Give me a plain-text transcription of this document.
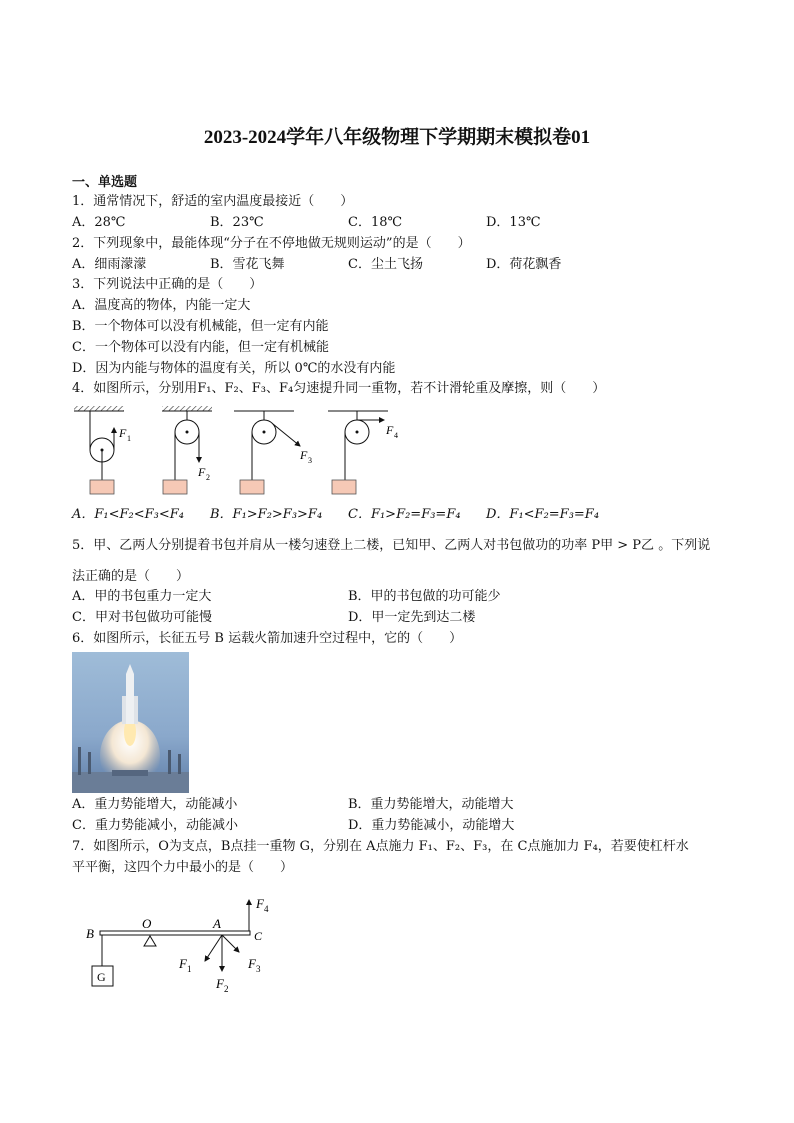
2023-2024学年八年级物理下学期期末模拟卷01
一、单选题
1．通常情况下，舒适的室内温度最接近（　　）
A．28℃	B．23℃	C．18℃	D．13℃
2．下列现象中，最能体现“分子在不停地做无规则运动”的是（　　）
A．细雨濛濛	B．雪花飞舞	C．尘土飞扬	D．荷花飘香
3．下列说法中正确的是（　　）
A．温度高的物体，内能一定大
B．一个物体可以没有机械能，但一定有内能
C．一个物体可以没有内能，但一定有机械能
D．因为内能与物体的温度有关，所以 0℃的水没有内能
4．如图所示，分别用F₁、F₂、F₃、F₄匀速提升同一重物，若不计滑轮重及摩擦，则（　　）
F 1
F 2
F 3
F 4
A．F₁<F₂<F₃<F₄ B．F₁>F₂>F₃>F₄ C．F₁>F₂=F₃=F₄ D．F₁<F₂=F₃=F₄
5．甲、乙两人分别提着书包并肩从一楼匀速登上二楼，已知甲、乙两人对书包做功的功率 P甲 > P乙 。下列说
法正确的是（　　）
A．甲的书包重力一定大	B．甲的书包做的功可能少
C．甲对书包做功可能慢	D．甲一定先到达二楼
6．如图所示，长征五号 B 运载火箭加速升空过程中，它的（　　）
A．重力势能增大，动能减小	B．重力势能增大，动能增大
C．重力势能减小，动能减小	D．重力势能减小，动能增大
7．如图所示，O为支点，B点挂一重物 G，分别在 A点施力 F₁、F₂、F₃，在 C点施加力 F₄，若要使杠杆水
平平衡，这四个力中最小的是（　　）
G
B
O	A
C
F 1
F 2
F 3
F 4
